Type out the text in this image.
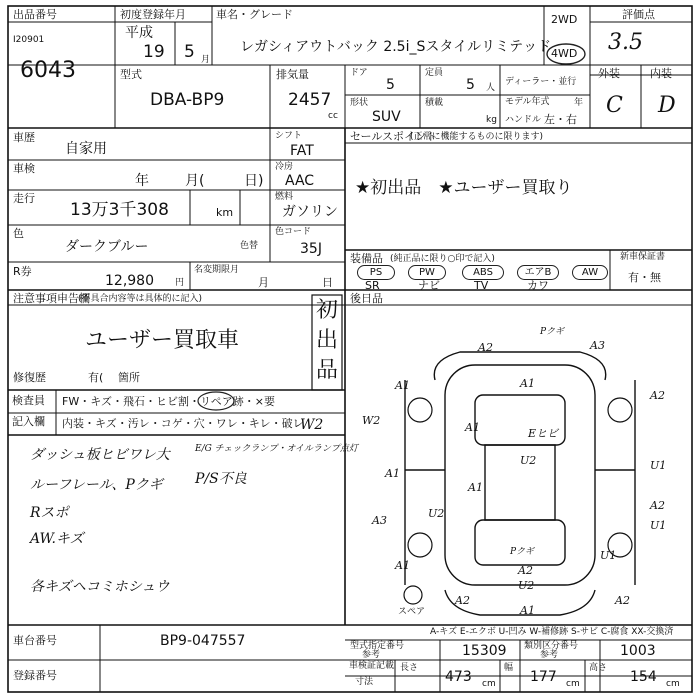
出品番号
I20901
6043
初度登録年月
平成
19 5 月
車名・グレード
レガシィアウトバック 2.5i_Sスタイルリミテッド
2WD
4WD
評価点
3.5
外装	内装
C D
型式
DBA-BP9
排気量
2457
cc
ドア
5
定員
5 人
形状
SUV
積載
kg
ディーラー・並行
モデル年式	年
ハンドル 左・右
車歴
自家用
シフト
FAT
車検
年	月(	日)
冷房
AAC
走行
13万3千308	km
燃料
ガソリン
色
ダークブルー	色替
色コード
35J
R券
12,980 円
名変期限月
月	日
注意事項申告欄
(不具合内容等は具体的に記入)
ユーザー買取車
修復歴	有( 箇所
初
出
品
検査員
記入欄
FW・キズ・飛石・ヒビ割・リペア跡・×要
内装・キズ・汚レ・コゲ・穴・ワレ・キレ・破レ
ダッシュ板ヒビワレ大
ルーフレール、Pクギ
Rスポ
AW.キズ
各キズヘコミホシュウ
E/G チェックランプ・オイルランプ点灯
P/S不良
W2
セールスポイント
(正常に機能するものに限ります)
★初出品　★ユーザー買取り
装備品 (純正品に限り○印で記入)
PS	PW	ABS	エアB	AW
SR	ナビ	TV	カワ
新車保証書
有・無
後日品
スペア
A2
Pクギ
A3
A1	A1
W2
A1
A1
A2
U1
Eヒビ
U2
A1
U2
A3	U1
A2
U1
A1
Pクギ
A2
U2
A2
A1
A2
A-キズ E-エクボ U-凹み W-補修跡 S-サビ C-腐食 XX-交換済
車台番号	BP9-047557
登録番号
型式指定番号
参考	15309 類別区分番号
参考	1003
車検証記載
寸法
長さ
473 cm
幅
177 cm
高さ
154 cm
